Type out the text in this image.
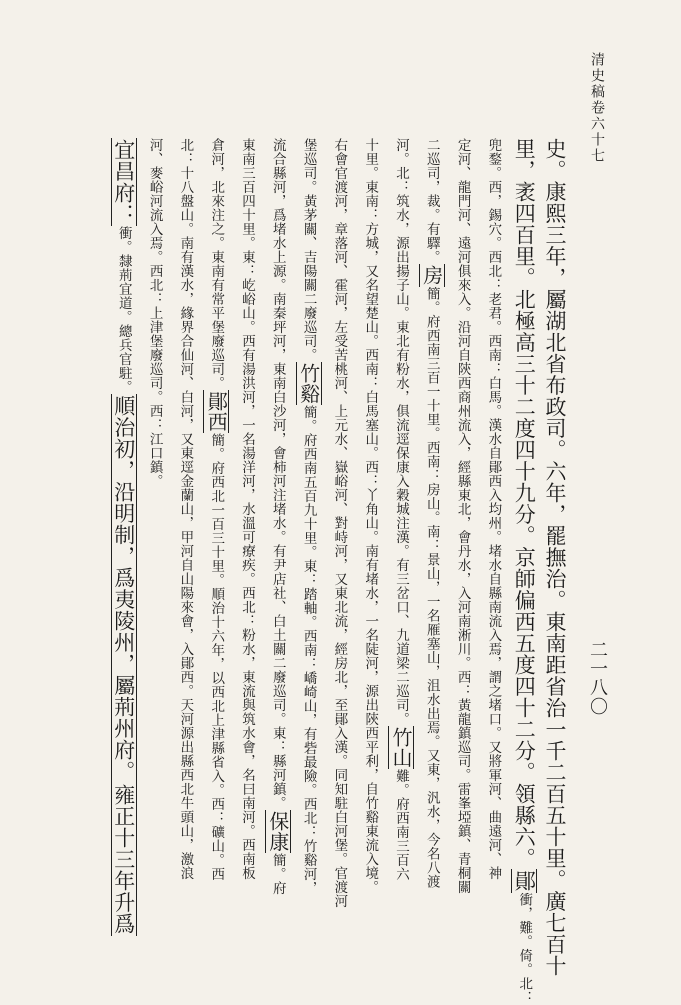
清史稿卷六十七
二一八〇
史。康熙三年，屬湖北省布政司。六年，罷撫治。東南距省治一千二百五十里。廣七百十
里，袤四百里。北極高三十二度四十九分。京師偏西五度四十二分。領縣六。鄖衝，難。倚。北：
兜鍪。西，錫穴。西北：老君。西南：白馬。漢水自鄖西入均州。堵水自縣南流入焉，謂之堵口。又將軍河、曲遠河、神
定河、龍門河、遠河俱來入。沿河自陝西商州流入，經縣東北，會丹水，入河南淅川。西：黃龍鎮巡司。雷峯埡鎮、青桐關
二巡司，裁。有驛。房簡。府西南三百一十里。西南：房山。南：景山，一名雁塞山，沮水出焉。又東，汎水，今名八渡
河。北：筑水，源出揚子山。東北有粉水，俱流逕保康入穀城注漢。有三岔口、九道梁二巡司。竹山難。府西南三百六
十里。東南：方城，又名望楚山。西南：白馬塞山。西：丫角山。南有堵水，一名陡河，源出陝西平利，自竹谿東流入境。
右會官渡河，章落河、霍河，左受苦桃河、上元水、嶽峪河、對峙河，又東北流，經房北，至鄖入漢。同知駐白河堡。官渡河
堡巡司。黃茅關、吉陽關二廢巡司。竹谿簡。府西南五百九十里。東：踏軸。西南：嶠崎山，有砦最險。西北：竹谿河，
流合縣河，爲堵水上源。南秦坪河，東南白沙河，會柿河注堵水。有尹店社、白土關二廢巡司。東：縣河鎮。保康簡。府
東南三百四十里。東：屹峪山。西有湯洪河，一名湯洋河，水溫可療疾。西北：粉水，東流與筑水會，名曰南河。西南板
倉河，北來注之。東南有常平堡廢巡司。鄖西簡。府西北一百三十里。順治十六年，以西北上津縣省入。西：礦山。西
北：十八盤山。南有漢水，緣界合仙河、白河，又東逕金蘭山，甲河自山陽來會，入鄖西。天河源出縣西北牛頭山，激浪
河、麥峪河流入焉。西北：上津堡廢巡司。西：江口鎮。
宜昌府：衝。隸荊宜道。總兵官駐。順治初，沿明制，爲夷陵州，屬荊州府。雍正十三年升爲
